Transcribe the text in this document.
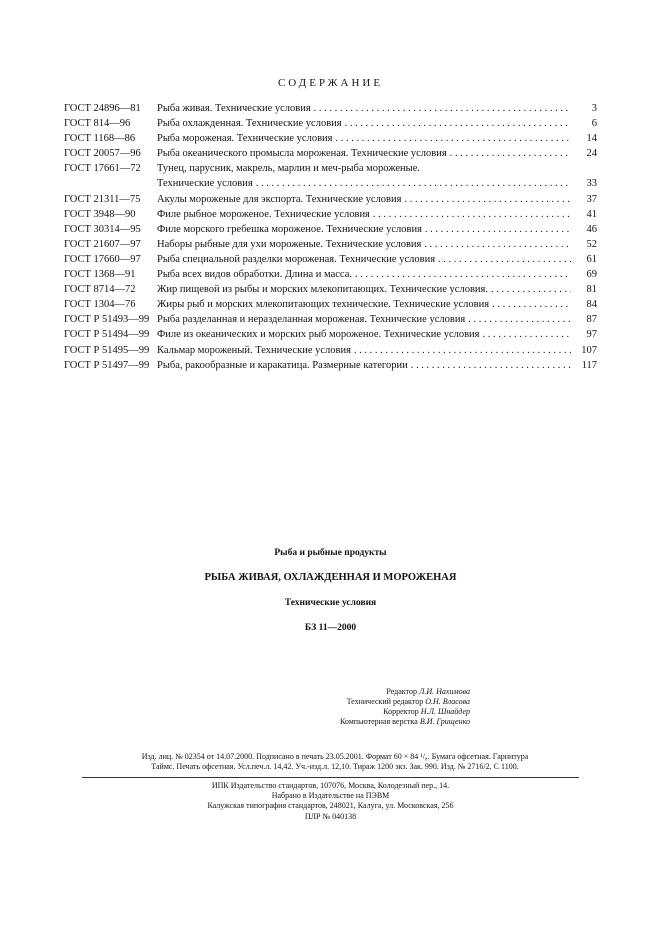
СОДЕРЖАНИЕ
ГОСТ 24896—81	Рыба живая. Технические условия . . .	3
ГОСТ 814—96	Рыба охлажденная. Технические условия . . .	6
ГОСТ 1168—86	Рыба мороженая. Технические условия . . .	14
ГОСТ 20057—96	Рыба океанического промысла мороженая. Технические условия . . .	24
ГОСТ 17661—72	Тунец, парусник, макрель, марлин и меч-рыба мороженые.
Технические условия . . .	33
ГОСТ 21311—75	Акулы мороженые для экспорта. Технические условия . . .	37
ГОСТ 3948—90	Филе рыбное мороженое. Технические условия . . .	41
ГОСТ 30314—95	Филе морского гребешка мороженое. Технические условия . . .	46
ГОСТ 21607—97	Наборы рыбные для ухи мороженые. Технические условия . . .	52
ГОСТ 17660—97	Рыба специальной разделки мороженая. Технические условия . . .	61
ГОСТ 1368—91	Рыба всех видов обработки. Длина и масса. . . .	69
ГОСТ 8714—72	Жир пищевой из рыбы и морских млекопитающих. Технические условия. . . .	81
ГОСТ 1304—76	Жиры рыб и морских млекопитающих технические. Технические условия . . .	84
ГОСТ Р 51493—99 Рыба разделанная и неразделанная мороженая. Технические условия . . .	87
ГОСТ Р 51494—99 Филе из океанических и морских рыб мороженое. Технические условия . . .	97
ГОСТ Р 51495—99 Кальмар мороженый. Технические условия . . .	107
ГОСТ Р 51497—99 Рыба, ракообразные и каракатица. Размерные категории . . .	117
Рыба и рыбные продукты
РЫБА ЖИВАЯ, ОХЛАЖДЕННАЯ И МОРОЖЕНАЯ
Технические условия
БЗ 11—2000
Редактор Л.И. Нахимова
Технический редактор О.Н. Власова
Корректор Н.Л. Шнайдер
Компьютерная верстка В.И. Грищенко
Изд. лиц. № 02354 от 14.07.2000. Подписано в печать 23.05.2001. Формат 60 × 84 ¹/₈. Бумага офсетная. Гарнитура
Таймс. Печать офсетная. Усл.печ.л. 14,42. Уч.-изд.л. 12,10. Тираж 1200 экз. Зак. 990. Изд. № 2716/2. С 1100.
ИПК Издательство стандартов, 107076, Москва, Колодезный пер., 14.
Набрано в Издательстве на ПЭВМ
Калужская типография стандартов, 248021, Калуга, ул. Московская, 256
ПЛР № 040138
